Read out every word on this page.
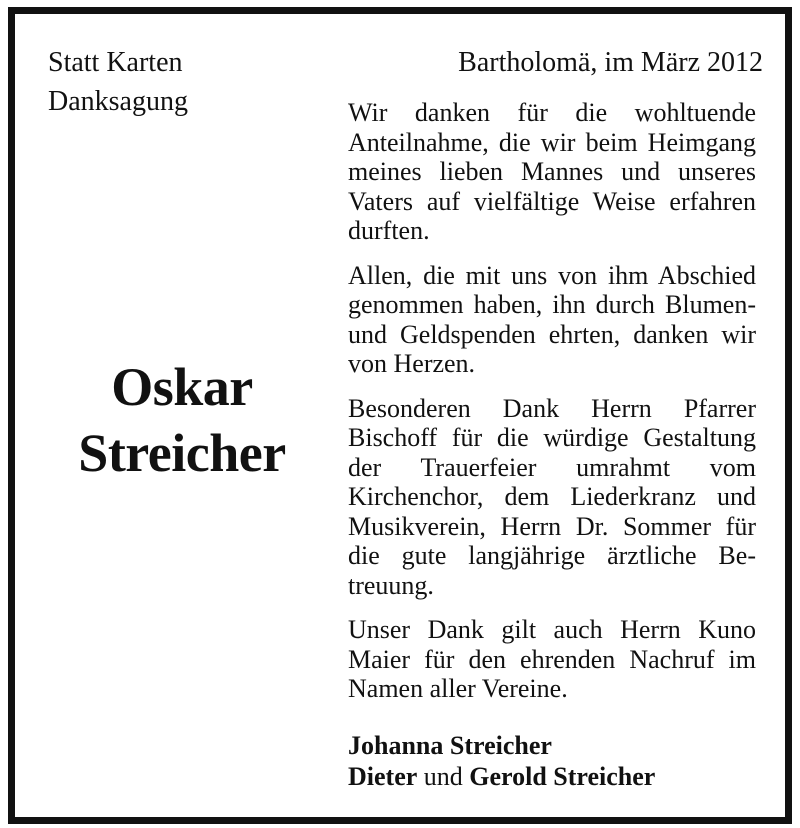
Statt Karten
Danksagung
Bartholomä, im März 2012
Oskar
Streicher

Wir danken für die wohltuende Anteilnahme, die wir beim Heimgang meines lieben Mannes und unseres Vaters auf vielfältige Weise erfahren durften.

Allen, die mit uns von ihm Abschied genommen haben, ihn durch Blumen- und Geldspenden ehrten, danken wir von Herzen.

Besonderen Dank Herrn Pfarrer Bischoff für die würdige Gestaltung der Trauerfeier umrahmt vom Kirchenchor, dem Liederkranz und Musikverein, Herrn Dr. Sommer für die gute langjährige ärztliche Betreuung.

Unser Dank gilt auch Herrn Kuno Maier für den ehrenden Nachruf im Namen aller Vereine.

Johanna Streicher
Dieter und Gerold Streicher
